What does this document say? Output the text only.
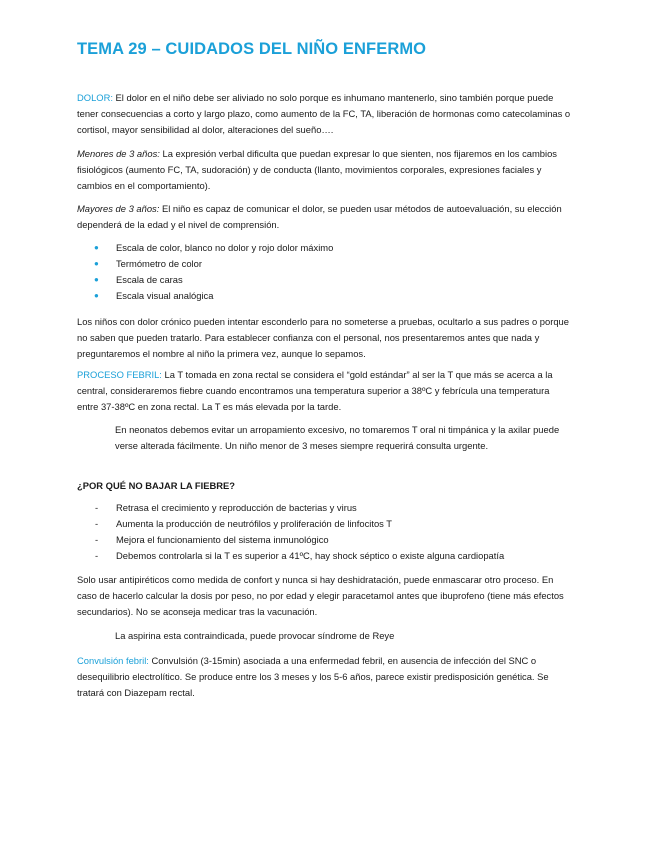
TEMA 29 – CUIDADOS DEL NIÑO ENFERMO

DOLOR: El dolor en el niño debe ser aliviado no solo porque es inhumano mantenerlo, sino también porque puede tener consecuencias a corto y largo plazo, como aumento de la FC, TA, liberación de hormonas como catecolaminas o cortisol, mayor sensibilidad al dolor, alteraciones del sueño….

Menores de 3 años: La expresión verbal dificulta que puedan expresar lo que sienten, nos fijaremos en los cambios fisiológicos (aumento FC, TA, sudoración) y de conducta (llanto, movimientos corporales, expresiones faciales y cambios en el comportamiento).

Mayores de 3 años: El niño es capaz de comunicar el dolor, se pueden usar métodos de autoevaluación, su elección dependerá de la edad y el nivel de comprensión.

● Escala de color, blanco no dolor y rojo dolor máximo
● Termómetro de color
● Escala de caras
● Escala visual analógica

Los niños con dolor crónico pueden intentar esconderlo para no someterse a pruebas, ocultarlo a sus padres o porque no saben que pueden tratarlo. Para establecer confianza con el personal, nos presentaremos antes que nada y preguntaremos el nombre al niño la primera vez, aunque lo sepamos.

PROCESO FEBRIL: La T tomada en zona rectal se considera el “gold estándar” al ser la T que más se acerca a la central, consideraremos fiebre cuando encontramos una temperatura superior a 38ºC y febrícula una temperatura entre 37-38ºC en zona rectal. La T es más elevada por la tarde.

En neonatos debemos evitar un arropamiento excesivo, no tomaremos T oral ni timpánica y la axilar puede verse alterada fácilmente. Un niño menor de 3 meses siempre requerirá consulta urgente.

¿POR QUÉ NO BAJAR LA FIEBRE?

- Retrasa el crecimiento y reproducción de bacterias y virus
- Aumenta la producción de neutrófilos y proliferación de linfocitos T
- Mejora el funcionamiento del sistema inmunológico
- Debemos controlarla si la T es superior a 41ºC, hay shock séptico o existe alguna cardiopatía

Solo usar antipiréticos como medida de confort y nunca si hay deshidratación, puede enmascarar otro proceso. En caso de hacerlo calcular la dosis por peso, no por edad y elegir paracetamol antes que ibuprofeno (tiene más efectos secundarios). No se aconseja medicar tras la vacunación.

La aspirina esta contraindicada, puede provocar síndrome de Reye

Convulsión febril: Convulsión (3-15min) asociada a una enfermedad febril, en ausencia de infección del SNC o desequilibrio electrolítico. Se produce entre los 3 meses y los 5-6 años, parece existir predisposición genética. Se tratará con Diazepam rectal.
